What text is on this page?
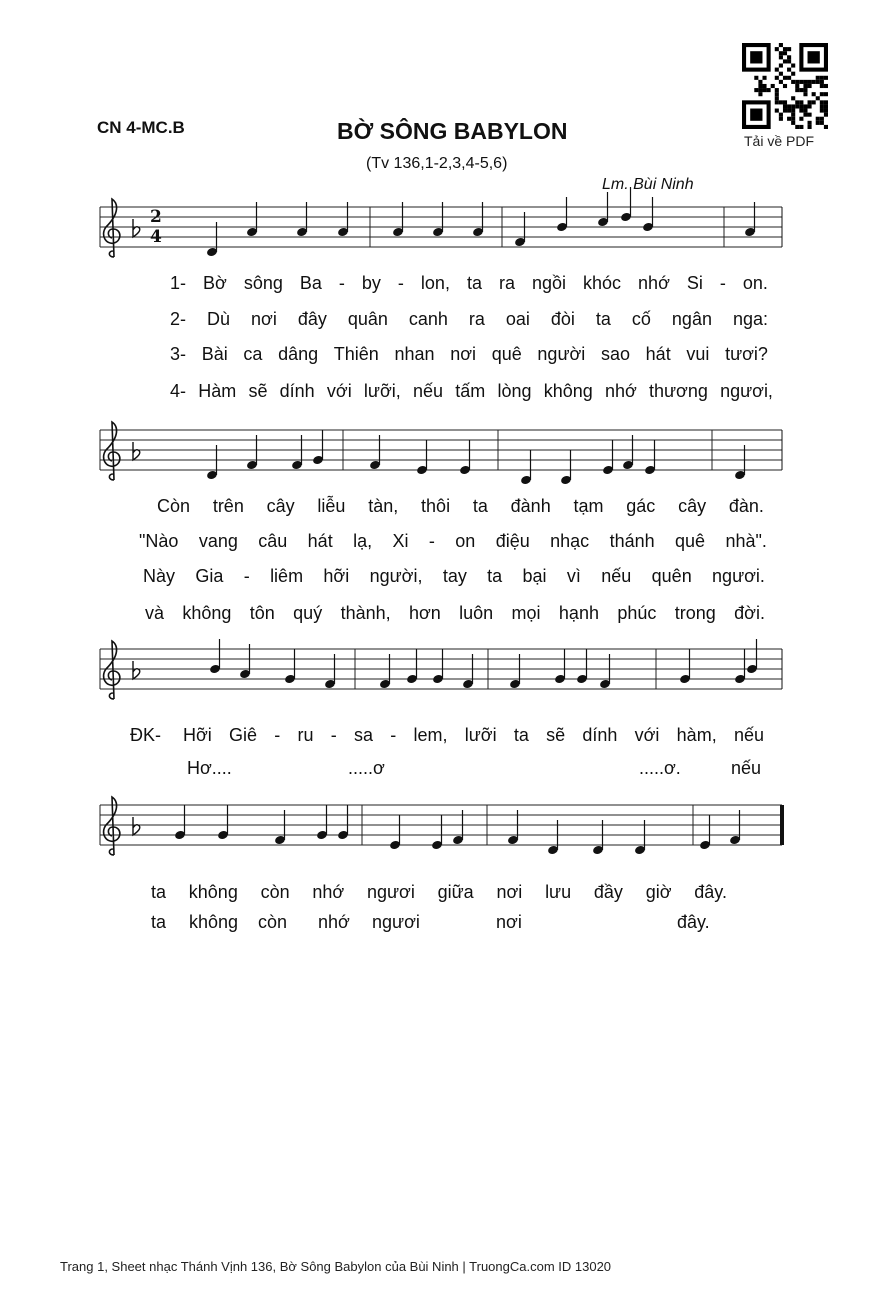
CN 4-MC.B	BỜ SÔNG BABYLON
(Tv 136,1-2,3,4-5,6)
Lm. Bùi Ninh
Tải về PDF
2
4
1- Bờ sông Ba - by - lon, ta ra ngồi khóc nhớ Si - on.
2- Dù nơi đây quân canh ra oai đòi ta cố ngân nga:
3- Bài ca dâng Thiên nhan nơi quê người sao hát vui tươi?
4- Hàm sẽ dính với lưỡi, nếu tấm lòng không nhớ thương ngươi,
Còn trên cây liễu tàn, thôi ta đành tạm gác cây đàn.
"Nào vang câu hát lạ, Xi - on điệu nhạc thánh quê nhà".
Này Gia - liêm hỡi người, tay ta bại vì nếu quên ngươi.
và không tôn quý thành, hơn luôn mọi hạnh phúc trong đời.
ĐK- Hỡi Giê - ru - sa - lem, lưỡi ta sẽ dính với hàm, nếu
Hơ....	.....ơ	.....ơ.	nếu
ta không còn nhớ ngươi giữa nơi lưu đầy giờ đây.
ta không còn nhớ ngươi	nơi	đây.
Trang 1, Sheet nhạc Thánh Vịnh 136, Bờ Sông Babylon của Bùi Ninh | TruongCa.com ID 13020
